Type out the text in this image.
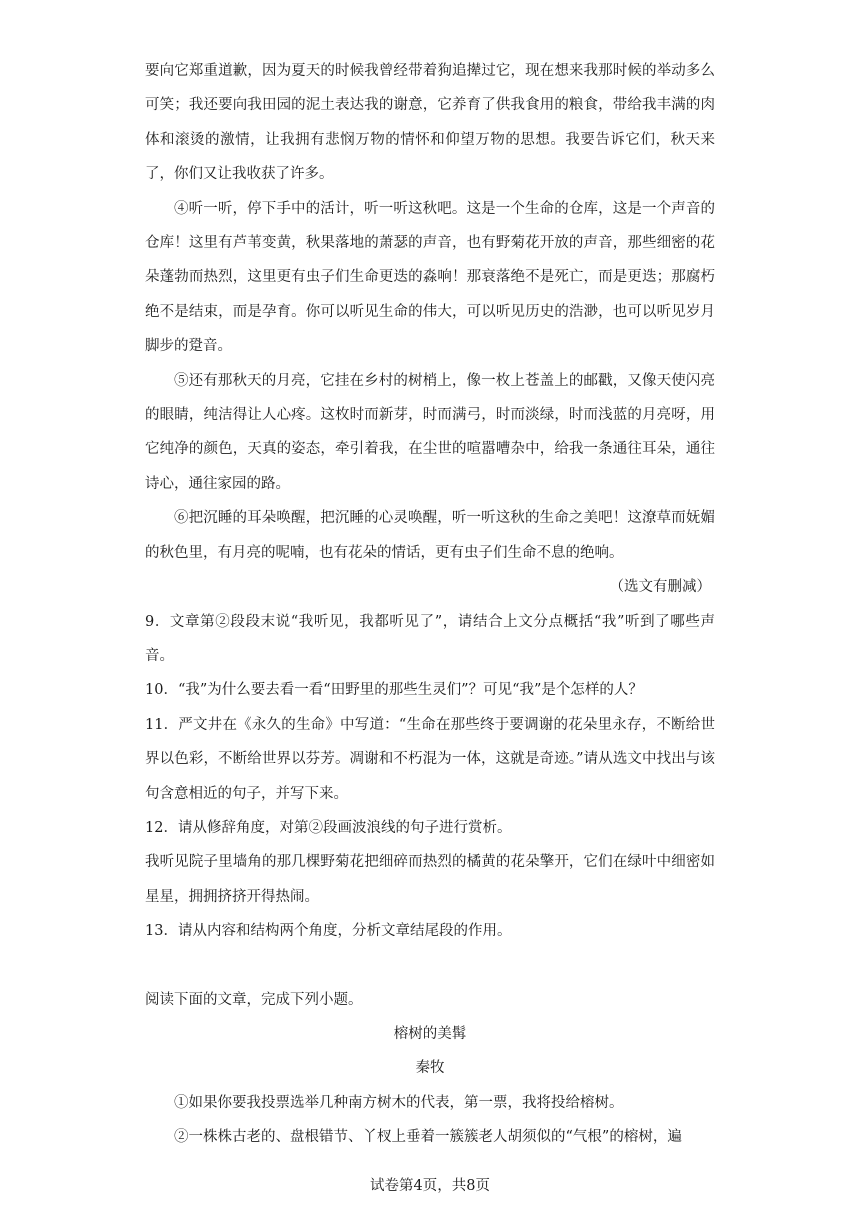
要向它郑重道歉，因为夏天的时候我曾经带着狗追撵过它，现在想来我那时候的举动多么可笑；我还要向我田园的泥土表达我的谢意，它养育了供我食用的粮食，带给我丰满的肉体和滚烫的激情，让我拥有悲悯万物的情怀和仰望万物的思想。我要告诉它们，秋天来了，你们又让我收获了许多。

④听一听，停下手中的活计，听一听这秋吧。这是一个生命的仓库，这是一个声音的仓库！这里有芦苇变黄，秋果落地的萧瑟的声音，也有野菊花开放的声音，那些细密的花朵蓬勃而热烈，这里更有虫子们生命更迭的淼响！那衰落绝不是死亡，而是更迭；那腐朽绝不是结束，而是孕育。你可以听见生命的伟大，可以听见历史的浩渺，也可以听见岁月脚步的跫音。

⑤还有那秋天的月亮，它挂在乡村的树梢上，像一枚上苍盖上的邮戳，又像天使闪亮的眼睛，纯洁得让人心疼。这枚时而新芽，时而满弓，时而淡绿，时而浅蓝的月亮呀，用它纯净的颜色，天真的姿态，牵引着我，在尘世的喧嚣嘈杂中，给我一条通往耳朵，通往诗心，通往家园的路。

⑥把沉睡的耳朵唤醒，把沉睡的心灵唤醒，听一听这秋的生命之美吧！这潦草而妩媚的秋色里，有月亮的呢喃，也有花朵的情话，更有虫子们生命不息的绝响。

（选文有删减）

9．文章第②段段末说“我听见，我都听见了”，请结合上文分点概括“我”听到了哪些声音。

10．“我”为什么要去看一看“田野里的那些生灵们”？可见“我”是个怎样的人？

11．严文井在《永久的生命》中写道：“生命在那些终于要调谢的花朵里永存，不断给世界以色彩，不断给世界以芬芳。凋谢和不朽混为一体，这就是奇迹。”请从选文中找出与该句含意相近的句子，并写下来。

12．请从修辞角度，对第②段画波浪线的句子进行赏析。

我听见院子里墙角的那几棵野菊花把细碎而热烈的橘黄的花朵擎开，它们在绿叶中细密如星星，拥拥挤挤开得热闹。

13．请从内容和结构两个角度，分析文章结尾段的作用。

阅读下面的文章，完成下列小题。

榕树的美髯

秦牧

①如果你要我投票选举几种南方树木的代表，第一票，我将投给榕树。

②一株株古老的、盘根错节、丫杈上垂着一簇簇老人胡须似的“气根”的榕树，遍

试卷第4页，共8页
